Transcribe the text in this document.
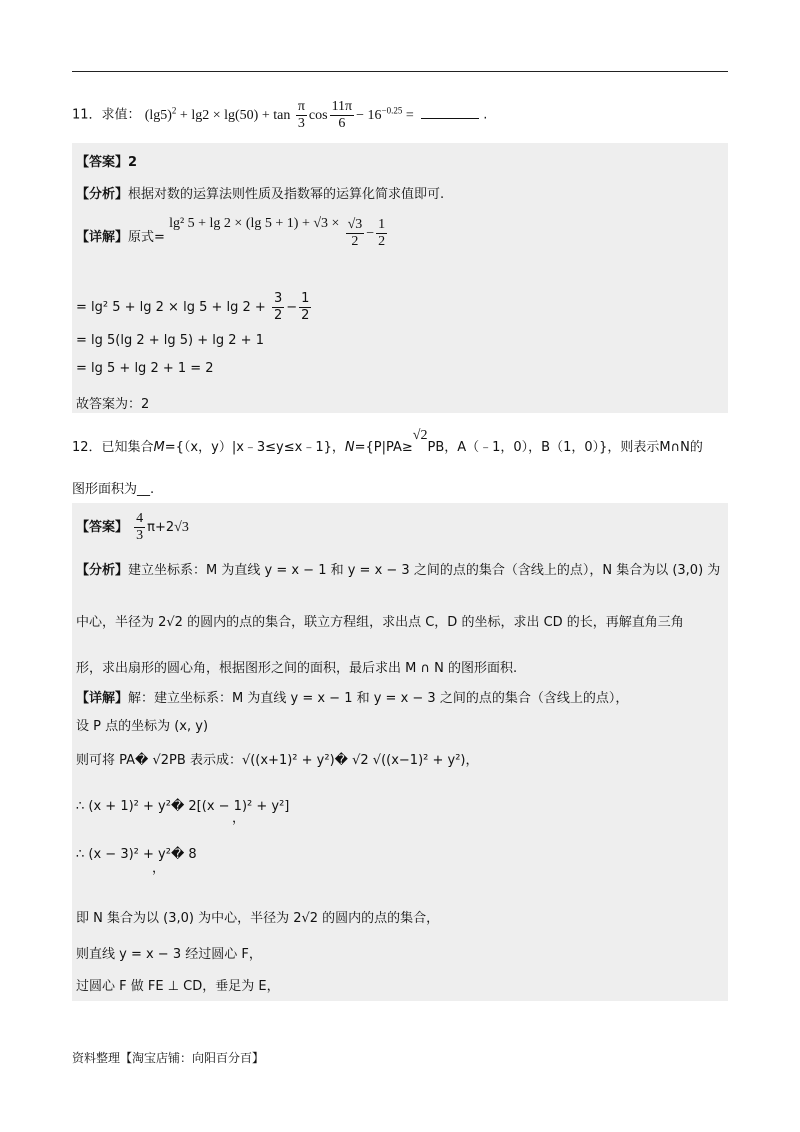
11．求值： $(\lg 5)^2 + \lg 2 \times \lg(50) + \tan \frac{\pi}{3}$ $\cos \frac{11\pi}{6} - 16^{-0.25}$ =	.
【答案】2
【分析】根据对数的运算法则性质及指数幂的运算化简求值即可.
【详解】原式= lg² 5 + lg 2 × (lg $5 + 1) + √3 \times \frac{√3}{2} - \frac{1}{2}$
= lg² $5 + \lg 2 \times \lg 5 + \lg 2 + \frac{3}{2} - \frac{1}{2}$
= lg 5(lg 2 + lg 5) + lg 2 + 1
= lg 5 + lg 2 + 1 = 2
故答案为：2
12．已知集合M={（x，y）|x﹣3≤y≤x﹣1}，N={P|PA≥√2PB，A（﹣1，0），B（1，0）}，则表示M∩N的
图形面积为__.
【答案】 $\frac{4}{3} \pi+2√3$
【分析】建立坐标系：M 为直线 y = x − 1 和 y = x − 3 之间的点的集合（含线上的点），N 集合为以 (3,0) 为
中心，半径为 2√2 的圆内的点的集合，联立方程组，求出点 C，D 的坐标，求出 CD 的长，再解直角三角
形，求出扇形的圆心角，根据图形之间的面积，最后求出 M ∩ N 的图形面积.
【详解】解：建立坐标系：M 为直线 y = x − 1 和 y = x − 3 之间的点的集合（含线上的点），
设 P 点的坐标为 (x, y)
则可将 PA� √2PB 表示成：√((x+1)² + y²)� √2 √((x−1)² + y²)，
∴ (x + 1)² + y²� 2[(x − 1)² + y²]
，
∴ (x − 3)² + y²� 8
，
即 N 集合为以 (3,0) 为中心，半径为 2√2 的圆内的点的集合，
则直线 y = x − 3 经过圆心 F，
过圆心 F 做 FE ⊥ CD，垂足为 E，
资料整理【淘宝店铺：向阳百分百】
